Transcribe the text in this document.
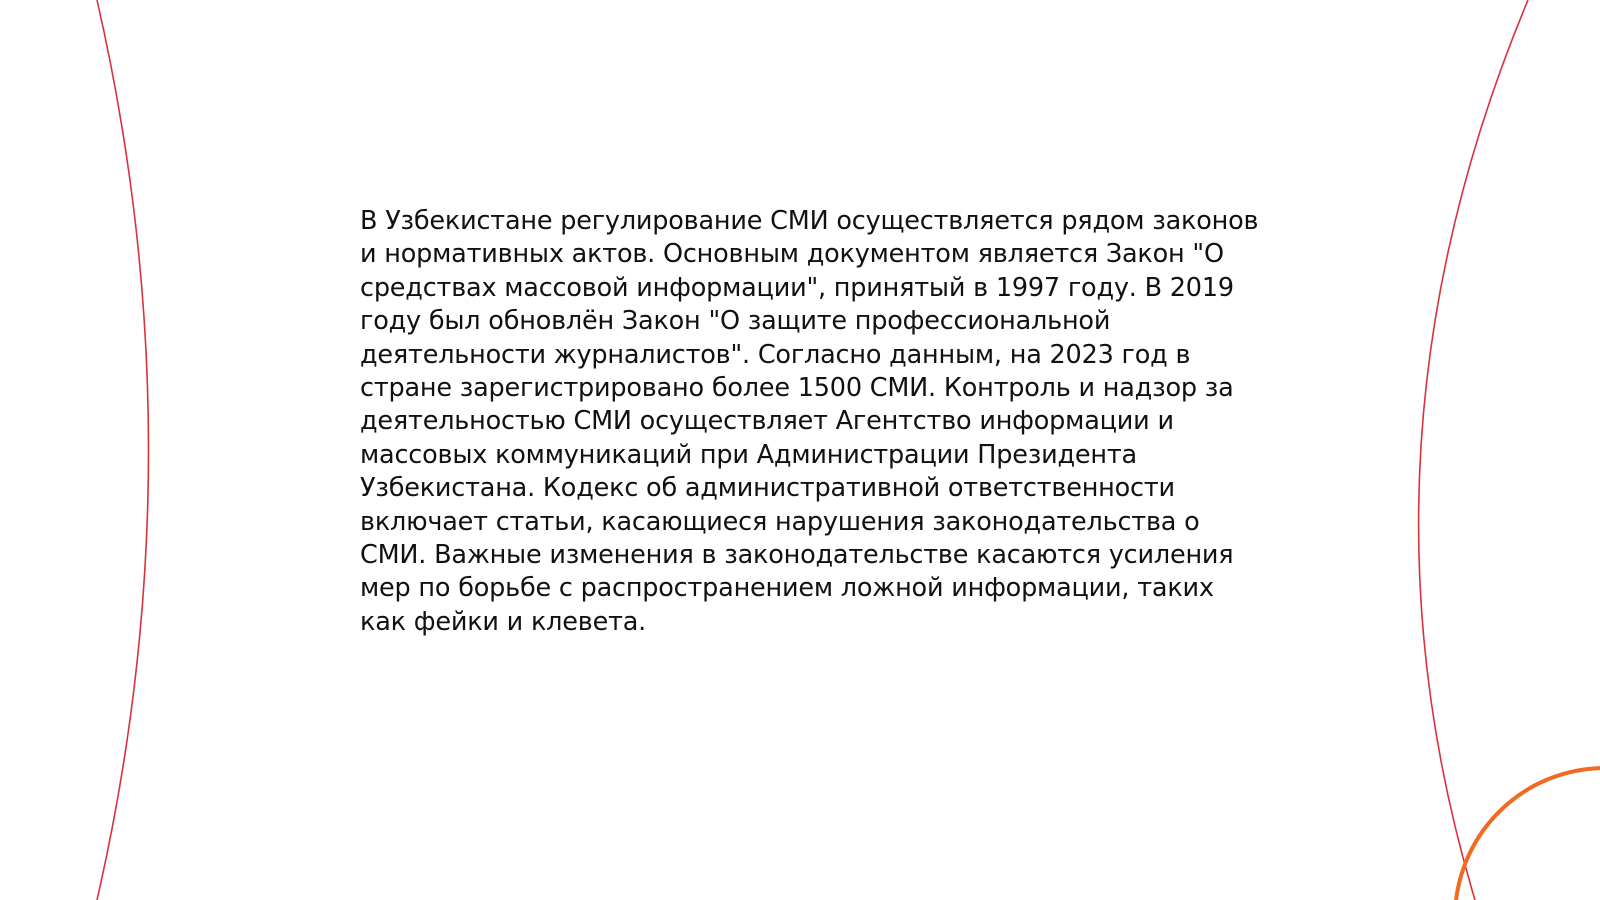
В Узбекистане регулирование СМИ осуществляется рядом законов и нормативных актов. Основным документом является Закон "О средствах массовой информации", принятый в 1997 году. В 2019 году был обновлён Закон "О защите профессиональной деятельности журналистов". Согласно данным, на 2023 год в стране зарегистрировано более 1500 СМИ. Контроль и надзор за деятельностью СМИ осуществляет Агентство информации и массовых коммуникаций при Администрации Президента Узбекистана. Кодекс об административной ответственности включает статьи, касающиеся нарушения законодательства о СМИ. Важные изменения в законодательстве касаются усиления мер по борьбе с распространением ложной информации, таких как фейки и клевета.
